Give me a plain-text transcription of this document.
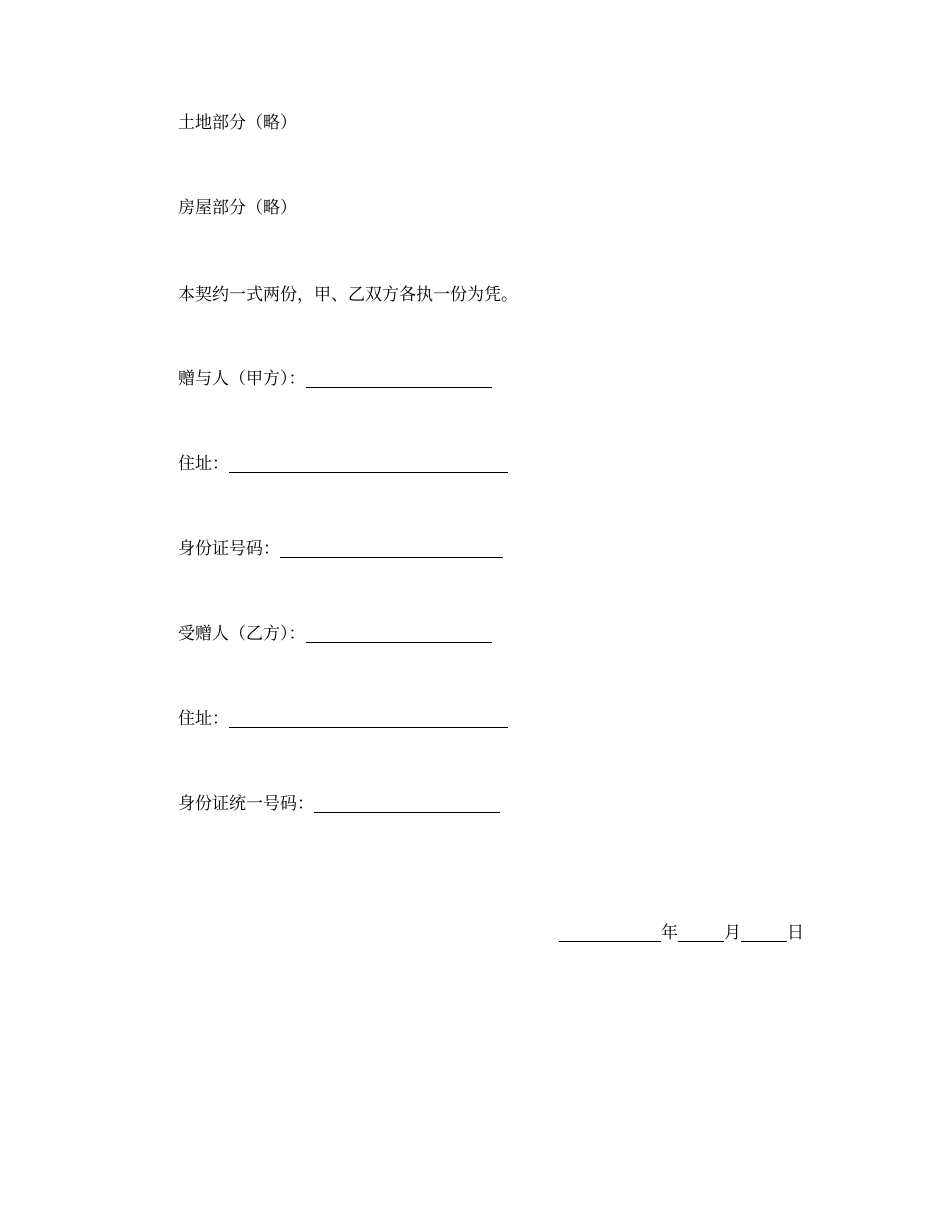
土地部分（略）
房屋部分（略）
本契约一式两份，甲、乙双方各执一份为凭。
赠与人（甲方）：
住址：
身份证号码：
受赠人（乙方）：
住址：
身份证统一号码：
年	月	日
